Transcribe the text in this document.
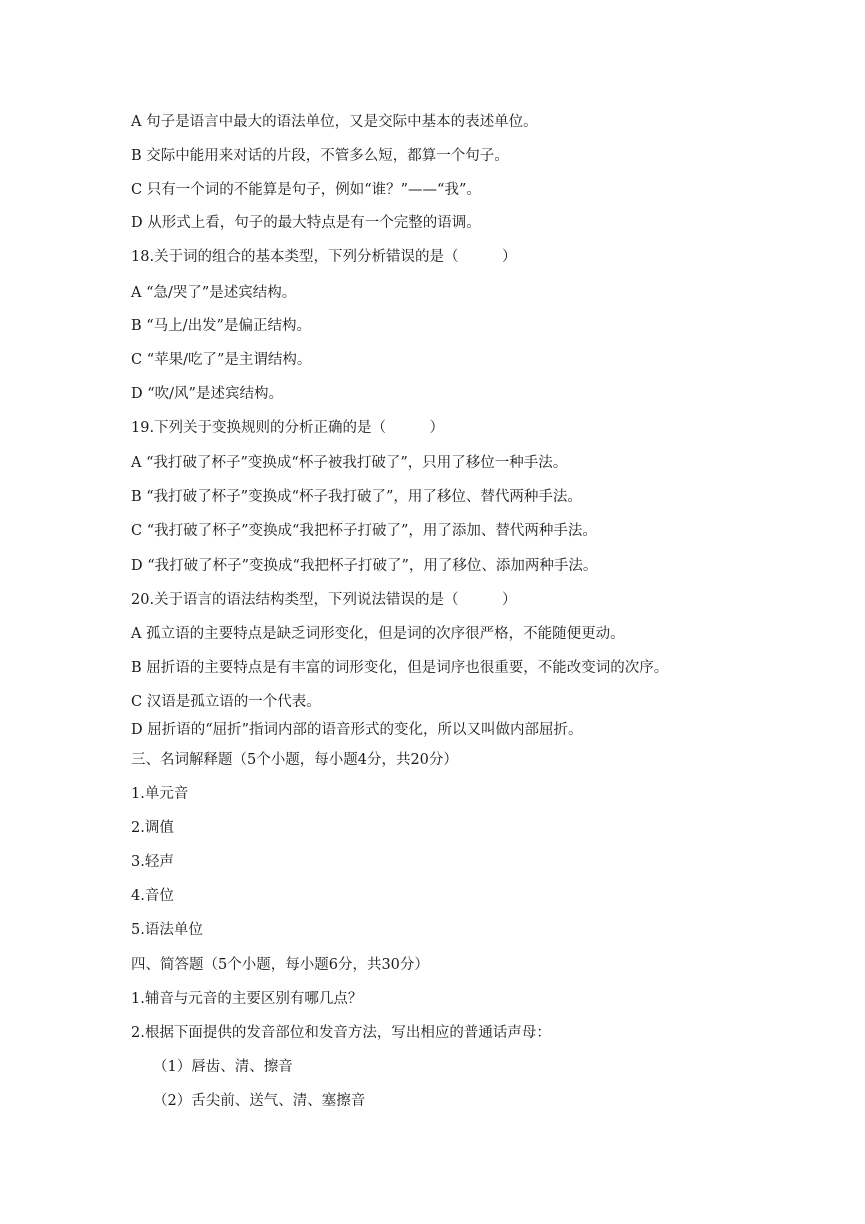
A 句子是语言中最大的语法单位，又是交际中基本的表述单位。
B 交际中能用来对话的片段，不管多么短，都算一个句子。
C 只有一个词的不能算是句子，例如“谁？”——“我”。
D 从形式上看，句子的最大特点是有一个完整的语调。
18.关于词的组合的基本类型，下列分析错误的是（　　　）
A “急/哭了”是述宾结构。
B “马上/出发”是偏正结构。
C “苹果/吃了”是主谓结构。
D “吹/风”是述宾结构。
19.下列关于变换规则的分析正确的是（　　　）
A “我打破了杯子”变换成“杯子被我打破了”，只用了移位一种手法。
B “我打破了杯子”变换成“杯子我打破了”，用了移位、替代两种手法。
C “我打破了杯子”变换成“我把杯子打破了”，用了添加、替代两种手法。
D “我打破了杯子”变换成“我把杯子打破了”，用了移位、添加两种手法。
20.关于语言的语法结构类型，下列说法错误的是（　　　）
A 孤立语的主要特点是缺乏词形变化，但是词的次序很严格，不能随便更动。
B 屈折语的主要特点是有丰富的词形变化，但是词序也很重要，不能改变词的次序。
C 汉语是孤立语的一个代表。
D 屈折语的“屈折”指词内部的语音形式的变化，所以又叫做内部屈折。
三、名词解释题（5个小题，每小题4分，共20分）
1.单元音
2.调值
3.轻声
4.音位
5.语法单位
四、简答题（5个小题，每小题6分，共30分）
1.辅音与元音的主要区别有哪几点？
2.根据下面提供的发音部位和发音方法，写出相应的普通话声母：
（1）唇齿、清、擦音
（2）舌尖前、送气、清、塞擦音
